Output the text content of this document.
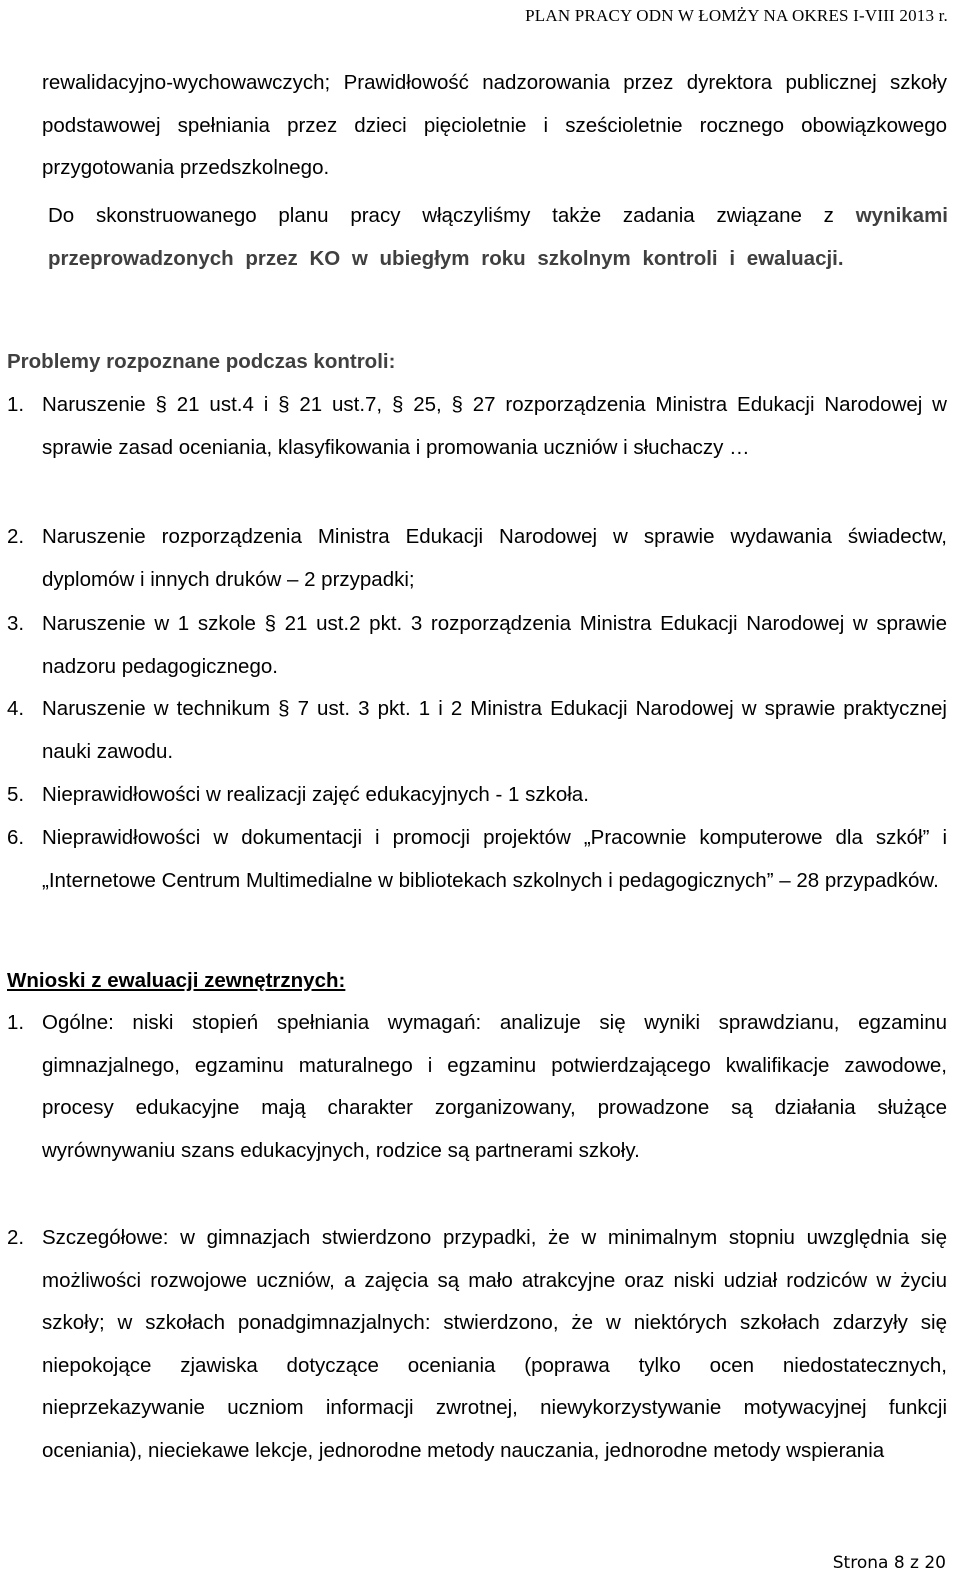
PLAN PRACY ODN W ŁOMŻY NA OKRES I-VIII 2013 r.
rewalidacyjno-wychowawczych; Prawidłowość nadzorowania przez dyrektora publicznej szkoły podstawowej spełniania przez dzieci pięcioletnie i sześcioletnie rocznego obowiązkowego przygotowania przedszkolnego.
Do skonstruowanego planu pracy włączyliśmy także zadania związane z wynikami przeprowadzonych przez KO w ubiegłym roku szkolnym kontroli i ewaluacji.
Problemy rozpoznane podczas kontroli:
1. Naruszenie § 21 ust.4 i § 21 ust.7, § 25, § 27 rozporządzenia Ministra Edukacji Narodowej w sprawie zasad oceniania, klasyfikowania i promowania uczniów i słuchaczy …
2. Naruszenie rozporządzenia Ministra Edukacji Narodowej w sprawie wydawania świadectw, dyplomów i innych druków – 2 przypadki;
3. Naruszenie w 1 szkole § 21 ust.2 pkt. 3 rozporządzenia Ministra Edukacji Narodowej w sprawie nadzoru pedagogicznego.
4. Naruszenie w technikum § 7 ust. 3 pkt. 1 i 2 Ministra Edukacji Narodowej w sprawie praktycznej nauki zawodu.
5. Nieprawidłowości w realizacji zajęć edukacyjnych - 1 szkoła.
6. Nieprawidłowości w dokumentacji i promocji projektów „Pracownie komputerowe dla szkół” i „Internetowe Centrum Multimedialne w bibliotekach szkolnych i pedagogicznych” – 28 przypadków.
Wnioski z ewaluacji zewnętrznych:
1. Ogólne: niski stopień spełniania wymagań: analizuje się wyniki sprawdzianu, egzaminu gimnazjalnego, egzaminu maturalnego i egzaminu potwierdzającego kwalifikacje zawodowe, procesy edukacyjne mają charakter zorganizowany, prowadzone są działania służące wyrównywaniu szans edukacyjnych, rodzice są partnerami szkoły.
2. Szczegółowe: w gimnazjach stwierdzono przypadki, że w minimalnym stopniu uwzględnia się możliwości rozwojowe uczniów, a zajęcia są mało atrakcyjne oraz niski udział rodziców w życiu szkoły; w szkołach ponadgimnazjalnych: stwierdzono, że w niektórych szkołach zdarzyły się niepokojące zjawiska dotyczące oceniania (poprawa tylko ocen niedostatecznych, nieprzekazywanie uczniom informacji zwrotnej, niewykorzystywanie motywacyjnej funkcji oceniania), nieciekawe lekcje, jednorodne metody nauczania, jednorodne metody wspierania
Strona 8 z 20
